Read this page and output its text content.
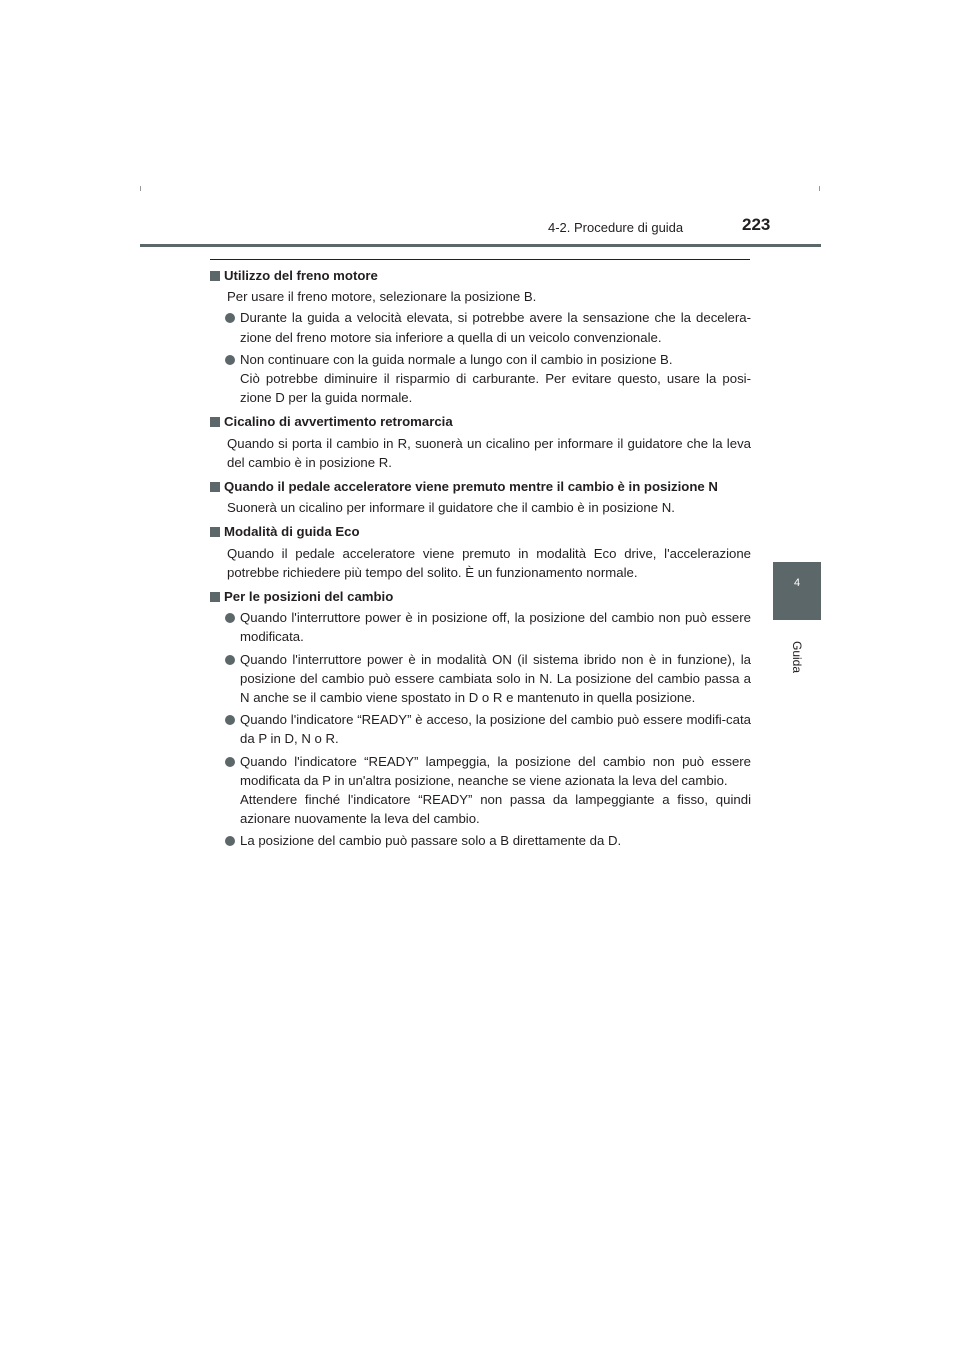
4-2. Procedure di guida	223
4
Guida
Utilizzo del freno motore
Per usare il freno motore, selezionare la posizione B.
Durante la guida a velocità elevata, si potrebbe avere la sensazione che la decelera-zione del freno motore sia inferiore a quella di un veicolo convenzionale.
Non continuare con la guida normale a lungo con il cambio in posizione B.
Ciò potrebbe diminuire il risparmio di carburante. Per evitare questo, usare la posi-zione D per la guida normale.
Cicalino di avvertimento retromarcia
Quando si porta il cambio in R, suonerà un cicalino per informare il guidatore che la leva del cambio è in posizione R.
Quando il pedale acceleratore viene premuto mentre il cambio è in posizione N
Suonerà un cicalino per informare il guidatore che il cambio è in posizione N.
Modalità di guida Eco
Quando il pedale acceleratore viene premuto in modalità Eco drive, l'accelerazione potrebbe richiedere più tempo del solito. È un funzionamento normale.
Per le posizioni del cambio
Quando l'interruttore power è in posizione off, la posizione del cambio non può essere modificata.
Quando l'interruttore power è in modalità ON (il sistema ibrido non è in funzione), la posizione del cambio può essere cambiata solo in N. La posizione del cambio passa a N anche se il cambio viene spostato in D o R e mantenuto in quella posizione.
Quando l'indicatore “READY” è acceso, la posizione del cambio può essere modifi-cata da P in D, N o R.
Quando l'indicatore “READY” lampeggia, la posizione del cambio non può essere modificata da P in un'altra posizione, neanche se viene azionata la leva del cambio.
Attendere finché l'indicatore “READY” non passa da lampeggiante a fisso, quindi azionare nuovamente la leva del cambio.
La posizione del cambio può passare solo a B direttamente da D.
